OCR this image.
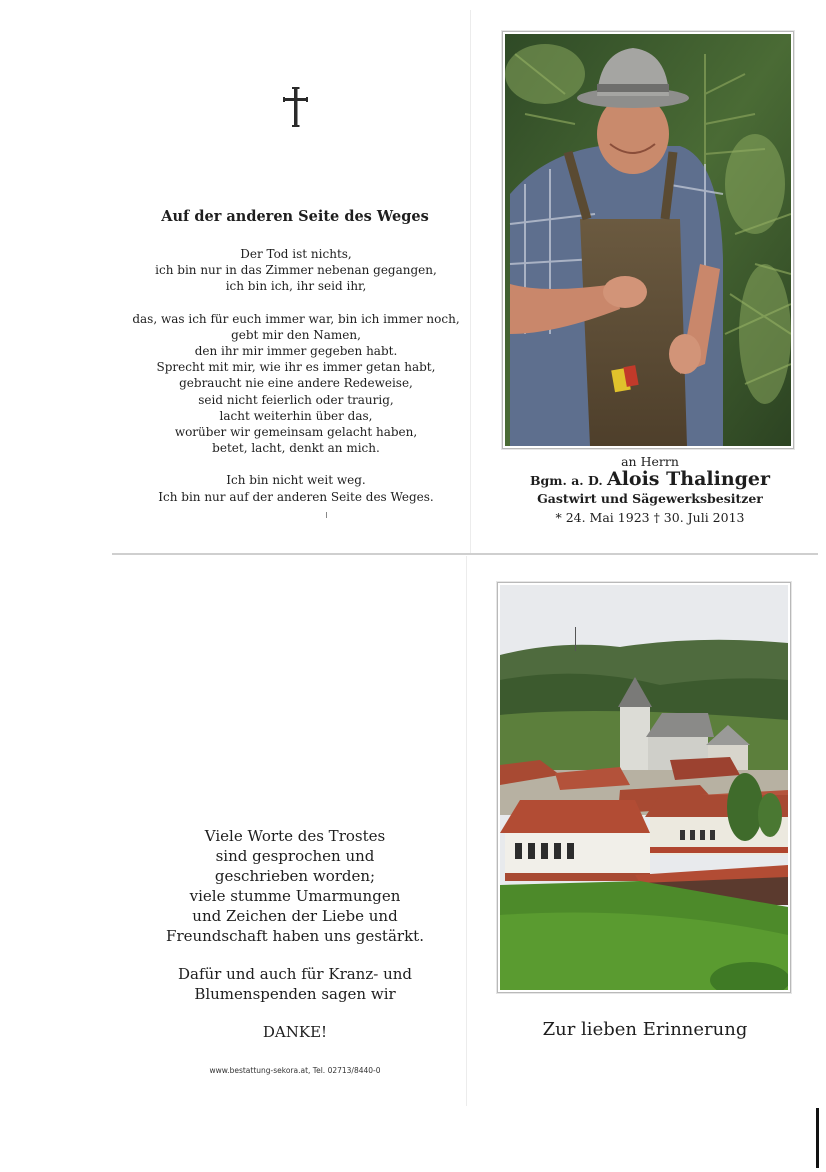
Auf der anderen Seite des Weges

Der Tod ist nichts,
ich bin nur in das Zimmer nebenan gegangen,
ich bin ich, ihr seid ihr,

das, was ich für euch immer war, bin ich immer noch,
gebt mir den Namen,
den ihr mir immer gegeben habt.
Sprecht mit mir, wie ihr es immer getan habt,
gebraucht nie eine andere Redeweise,
seid nicht feierlich oder traurig,
lacht weiterhin über das,
worüber wir gemeinsam gelacht haben,
betet, lacht, denkt an mich.

Ich bin nicht weit weg.
Ich bin nur auf der anderen Seite des Weges.

an Herrn
Bgm. a. D. Alois Thalinger
Gastwirt und Sägewerksbesitzer
* 24. Mai 1923 † 30. Juli 2013

Viele Worte des Trostes
sind gesprochen und
geschrieben worden;
viele stumme Umarmungen
und Zeichen der Liebe und
Freundschaft haben uns gestärkt.

Dafür und auch für Kranz- und
Blumenspenden sagen wir

DANKE!

www.bestattung-sekora.at, Tel. 02713/8440-0
Zur lieben Erinnerung
